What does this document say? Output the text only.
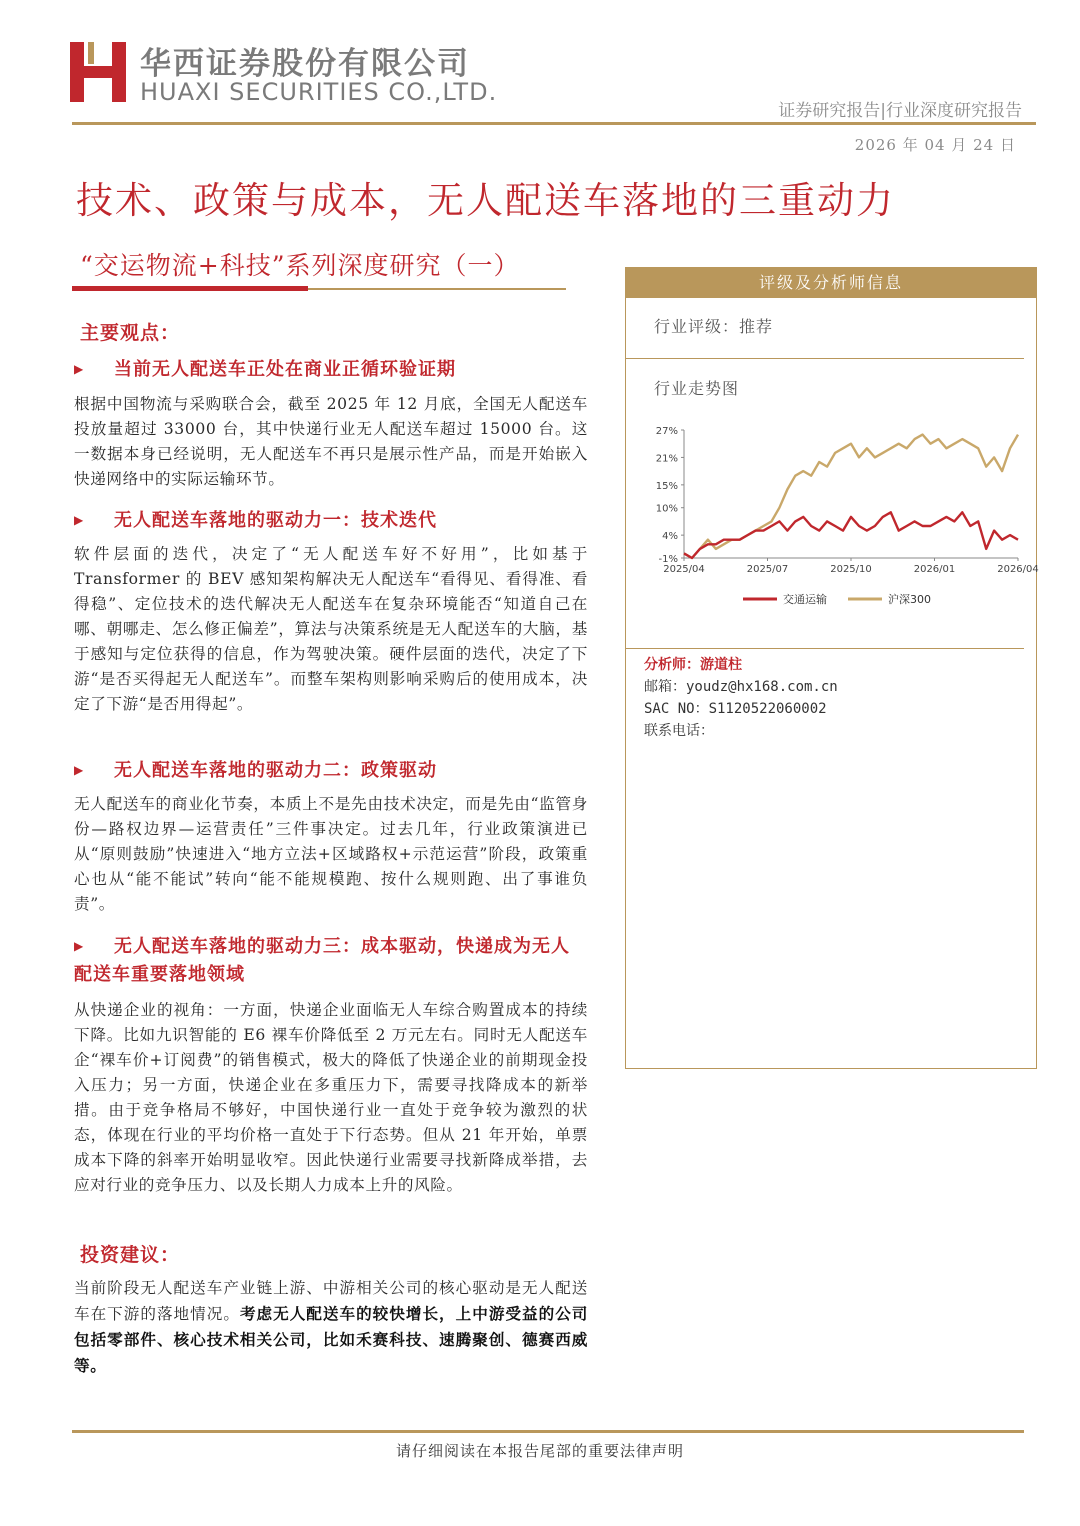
华西证券股份有限公司
HUAXI SECURITIES CO.,LTD.
证券研究报告|行业深度研究报告
2026 年 04 月 24 日
技术、政策与成本，无人配送车落地的三重动力
“交运物流+科技”系列深度研究（一）
主要观点：
▶ 当前无人配送车正处在商业正循环验证期
根据中国物流与采购联合会，截至 2025 年 12 月底，全国无人配送车投放量超过 33000 台，其中快递行业无人配送车超过 15000 台。这一数据本身已经说明，无人配送车不再只是展示性产品，而是开始嵌入快递网络中的实际运输环节。
▶ 无人配送车落地的驱动力一：技术迭代
软件层面的迭代，决定了“无人配送车好不好用”，比如基于 Transformer 的 BEV 感知架构解决无人配送车“看得见、看得准、看得稳”、定位技术的迭代解决无人配送车在复杂环境能否“知道自己在哪、朝哪走、怎么修正偏差”，算法与决策系统是无人配送车的大脑，基于感知与定位获得的信息，作为驾驶决策。硬件层面的迭代，决定了下游“是否买得起无人配送车”。而整车架构则影响采购后的使用成本，决定了下游“是否用得起”。
▶ 无人配送车落地的驱动力二：政策驱动
无人配送车的商业化节奏，本质上不是先由技术决定，而是先由“监管身份—路权边界—运营责任”三件事决定。过去几年，行业政策演进已从“原则鼓励”快速进入“地方立法+区域路权+示范运营”阶段，政策重心也从“能不能试”转向“能不能规模跑、按什么规则跑、出了事谁负责”。
▶ 无人配送车落地的驱动力三：成本驱动，快递成为无人配送车重要落地领域
从快递企业的视角：一方面，快递企业面临无人车综合购置成本的持续下降。比如九识智能的 E6 裸车价降低至 2 万元左右。同时无人配送车企“裸车价+订阅费”的销售模式，极大的降低了快递企业的前期现金投入压力；另一方面，快递企业在多重压力下，需要寻找降成本的新举措。由于竞争格局不够好，中国快递行业一直处于竞争较为激烈的状态，体现在行业的平均价格一直处于下行态势。但从 21 年开始，单票成本下降的斜率开始明显收窄。因此快递行业需要寻找新降成举措，去应对行业的竞争压力、以及长期人力成本上升的风险。
投资建议：
当前阶段无人配送车产业链上游、中游相关公司的核心驱动是无人配送车在下游的落地情况。考虑无人配送车的较快增长，上中游受益的公司包括零部件、核心技术相关公司，比如禾赛科技、速腾聚创、德赛西威等。
评级及分析师信息
行业评级：推荐
行业走势图
27%
21%
15%
10%
4%
-1%
2025/04	2025/07	2025/10	2026/01	2026/04
交通运输	沪深300
分析师：游道柱
邮箱：youdz@hx168.com.cn
SAC NO：S1120522060002
联系电话：
请仔细阅读在本报告尾部的重要法律声明
